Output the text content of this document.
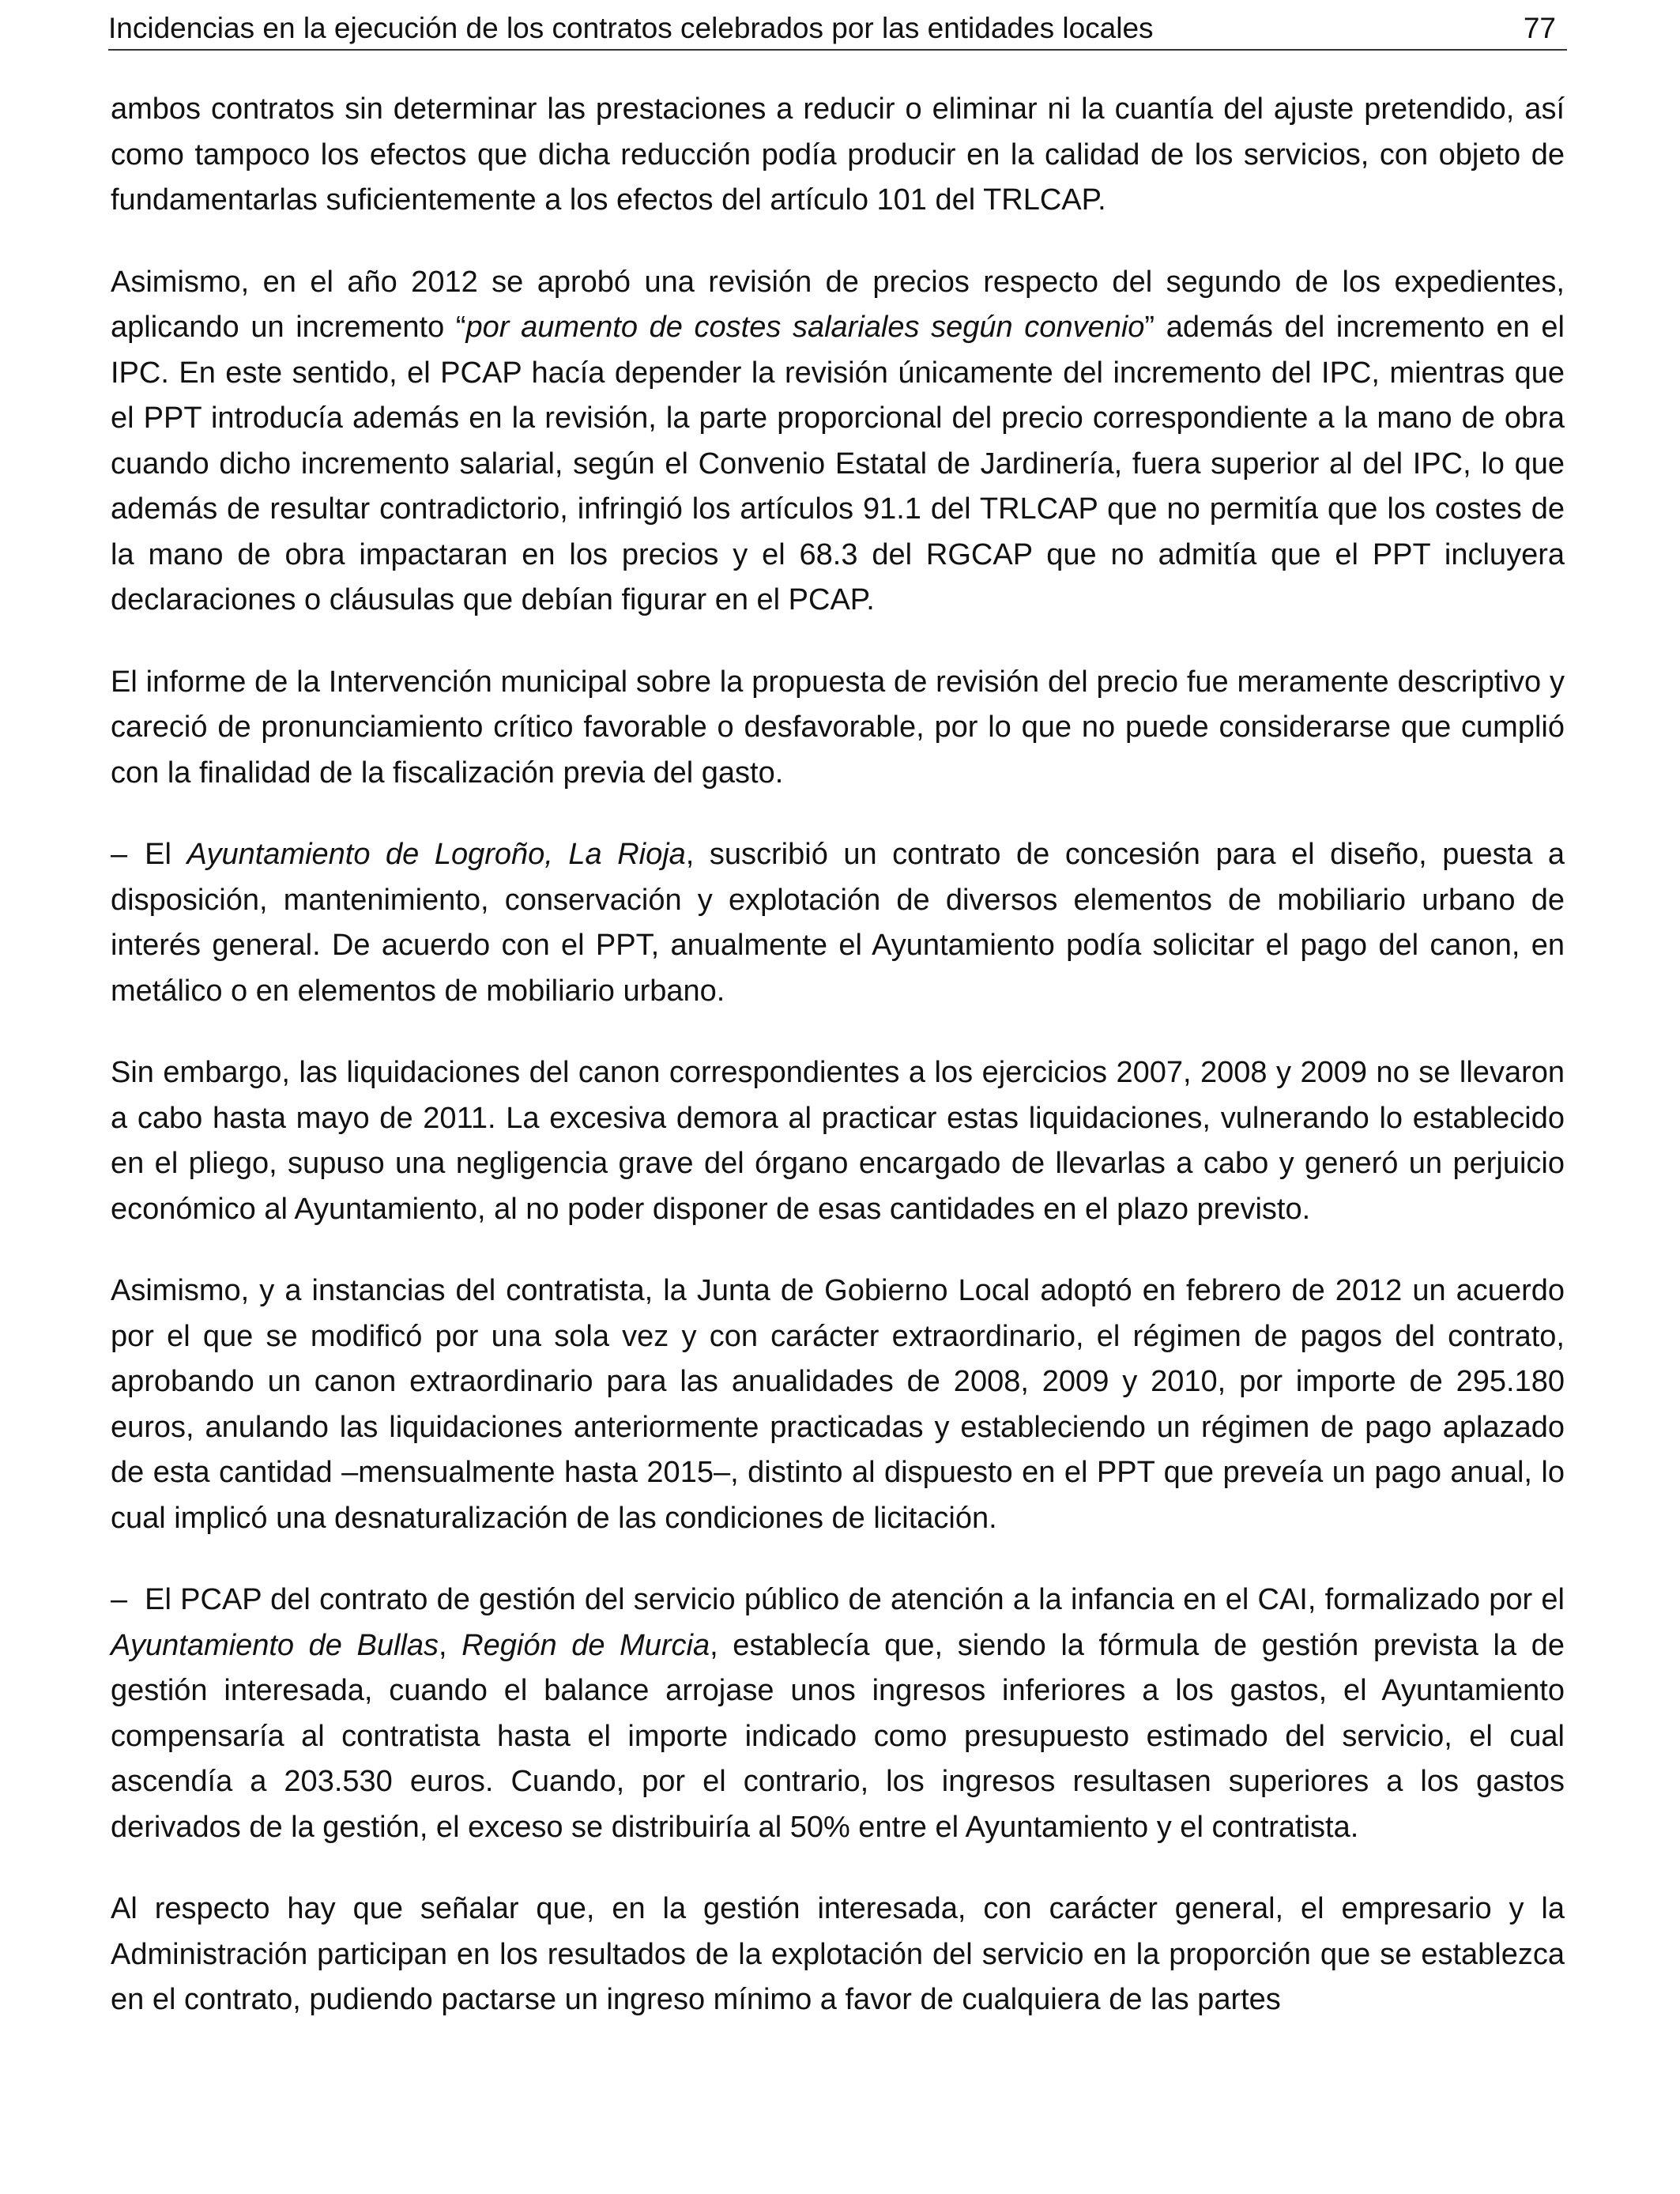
Incidencias en la ejecución de los contratos celebrados por las entidades locales	77

ambos contratos sin determinar las prestaciones a reducir o eliminar ni la cuantía del ajuste pretendido, así como tampoco los efectos que dicha reducción podía producir en la calidad de los servicios, con objeto de fundamentarlas suficientemente a los efectos del artículo 101 del TRLCAP.

Asimismo, en el año 2012 se aprobó una revisión de precios respecto del segundo de los expedientes, aplicando un incremento “por aumento de costes salariales según convenio” además del incremento en el IPC. En este sentido, el PCAP hacía depender la revisión únicamente del incremento del IPC, mientras que el PPT introducía además en la revisión, la parte proporcional del precio correspondiente a la mano de obra cuando dicho incremento salarial, según el Convenio Estatal de Jardinería, fuera superior al del IPC, lo que además de resultar contradictorio, infringió los artículos 91.1 del TRLCAP que no permitía que los costes de la mano de obra impactaran en los precios y el 68.3 del RGCAP que no admitía que el PPT incluyera declaraciones o cláusulas que debían figurar en el PCAP.

El informe de la Intervención municipal sobre la propuesta de revisión del precio fue meramente descriptivo y careció de pronunciamiento crítico favorable o desfavorable, por lo que no puede considerarse que cumplió con la finalidad de la fiscalización previa del gasto.

– El Ayuntamiento de Logroño, La Rioja, suscribió un contrato de concesión para el diseño, puesta a disposición, mantenimiento, conservación y explotación de diversos elementos de mobiliario urbano de interés general. De acuerdo con el PPT, anualmente el Ayuntamiento podía solicitar el pago del canon, en metálico o en elementos de mobiliario urbano.

Sin embargo, las liquidaciones del canon correspondientes a los ejercicios 2007, 2008 y 2009 no se llevaron a cabo hasta mayo de 2011. La excesiva demora al practicar estas liquidaciones, vulnerando lo establecido en el pliego, supuso una negligencia grave del órgano encargado de llevarlas a cabo y generó un perjuicio económico al Ayuntamiento, al no poder disponer de esas cantidades en el plazo previsto.

Asimismo, y a instancias del contratista, la Junta de Gobierno Local adoptó en febrero de 2012 un acuerdo por el que se modificó por una sola vez y con carácter extraordinario, el régimen de pagos del contrato, aprobando un canon extraordinario para las anualidades de 2008, 2009 y 2010, por importe de 295.180 euros, anulando las liquidaciones anteriormente practicadas y estableciendo un régimen de pago aplazado de esta cantidad –mensualmente hasta 2015–, distinto al dispuesto en el PPT que preveía un pago anual, lo cual implicó una desnaturalización de las condiciones de licitación.

– El PCAP del contrato de gestión del servicio público de atención a la infancia en el CAI, formalizado por el Ayuntamiento de Bullas, Región de Murcia, establecía que, siendo la fórmula de gestión prevista la de gestión interesada, cuando el balance arrojase unos ingresos inferiores a los gastos, el Ayuntamiento compensaría al contratista hasta el importe indicado como presupuesto estimado del servicio, el cual ascendía a 203.530 euros. Cuando, por el contrario, los ingresos resultasen superiores a los gastos derivados de la gestión, el exceso se distribuiría al 50% entre el Ayuntamiento y el contratista.

Al respecto hay que señalar que, en la gestión interesada, con carácter general, el empresario y la Administración participan en los resultados de la explotación del servicio en la proporción que se establezca en el contrato, pudiendo pactarse un ingreso mínimo a favor de cualquiera de las partes
